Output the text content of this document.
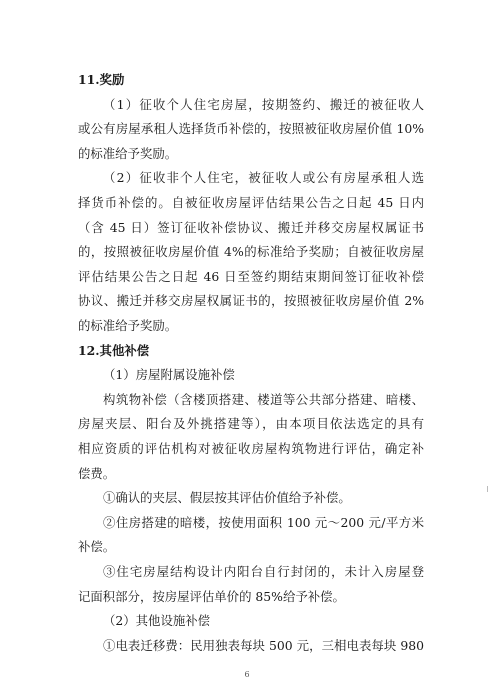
11.奖励
（1）征收个人住宅房屋，按期签约、搬迁的被征收人
或公有房屋承租人选择货币补偿的，按照被征收房屋价值 10%
的标准给予奖励。
（2）征收非个人住宅，被征收人或公有房屋承租人选
择货币补偿的。自被征收房屋评估结果公告之日起 45 日内
（含 45 日）签订征收补偿协议、搬迁并移交房屋权属证书
的，按照被征收房屋价值 4%的标准给予奖励；自被征收房屋
评估结果公告之日起 46 日至签约期结束期间签订征收补偿
协议、搬迁并移交房屋权属证书的，按照被征收房屋价值 2%
的标准给予奖励。
12.其他补偿
（1）房屋附属设施补偿
构筑物补偿（含楼顶搭建、楼道等公共部分搭建、暗楼、
房屋夹层、阳台及外挑搭建等），由本项目依法选定的具有
相应资质的评估机构对被征收房屋构筑物进行评估，确定补
偿费。
①确认的夹层、假层按其评估价值给予补偿。
②住房搭建的暗楼，按使用面积 100 元～200 元/平方米
补偿。
③住宅房屋结构设计内阳台自行封闭的，未计入房屋登
记面积部分，按房屋评估单价的 85%给予补偿。
（2）其他设施补偿
①电表迁移费：民用独表每块 500 元，三相电表每块 980
6
